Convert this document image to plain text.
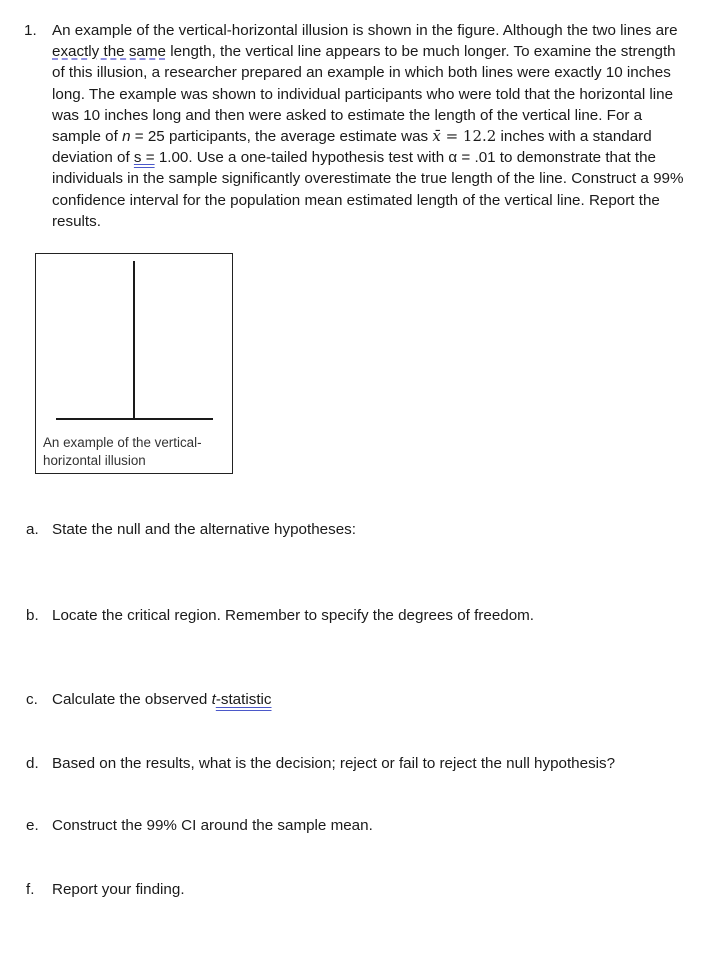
1. An example of the vertical-horizontal illusion is shown in the figure. Although the two lines are exactly the same length, the vertical line appears to be much longer. To examine the strength of this illusion, a researcher prepared an example in which both lines were exactly 10 inches long. The example was shown to individual participants who were told that the horizontal line was 10 inches long and then were asked to estimate the length of the vertical line. For a sample of n = 25 participants, the average estimate was x̄ = 12.2 inches with a standard deviation of s = 1.00. Use a one-tailed hypothesis test with α = .01 to demonstrate that the individuals in the sample significantly overestimate the true length of the line. Construct a 99% confidence interval for the population mean estimated length of the vertical line. Report the results.
An example of the vertical-horizontal illusion
a. State the null and the alternative hypotheses:
b. Locate the critical region. Remember to specify the degrees of freedom.
c. Calculate the observed t-statistic
d. Based on the results, what is the decision; reject or fail to reject the null hypothesis?
e. Construct the 99% CI around the sample mean.
f. Report your finding.
